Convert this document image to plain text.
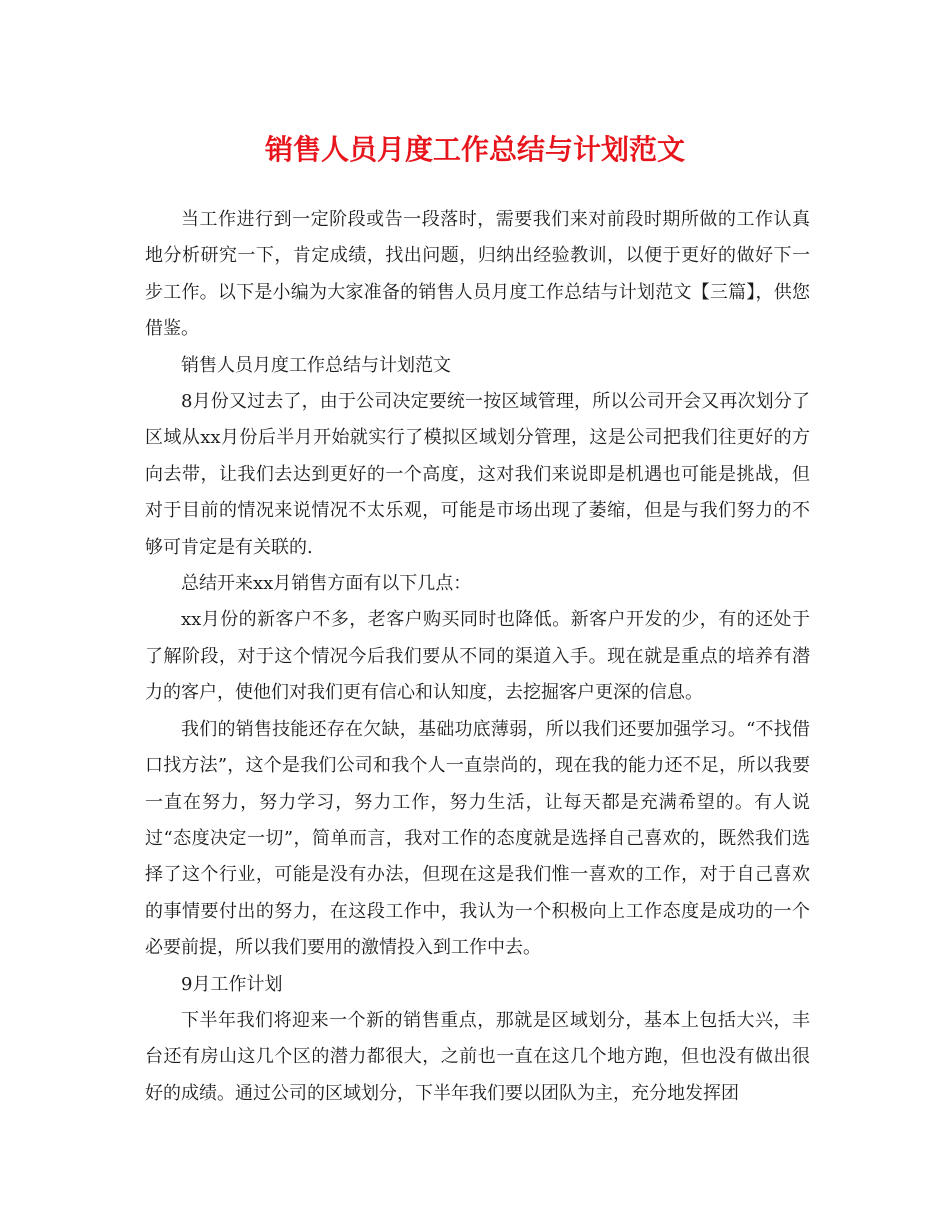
销售人员月度工作总结与计划范文

当工作进行到一定阶段或告一段落时，需要我们来对前段时期所做的工作认真地分析研究一下，肯定成绩，找出问题，归纳出经验教训，以便于更好的做好下一步工作。以下是小编为大家准备的销售人员月度工作总结与计划范文【三篇】，供您借鉴。

销售人员月度工作总结与计划范文

8月份又过去了，由于公司决定要统一按区域管理，所以公司开会又再次划分了区域从xx月份后半月开始就实行了模拟区域划分管理，这是公司把我们往更好的方向去带，让我们去达到更好的一个高度，这对我们来说即是机遇也可能是挑战，但对于目前的情况来说情况不太乐观，可能是市场出现了萎缩，但是与我们努力的不够可肯定是有关联的.

总结开来xx月销售方面有以下几点：

xx月份的新客户不多，老客户购买同时也降低。新客户开发的少，有的还处于了解阶段，对于这个情况今后我们要从不同的渠道入手。现在就是重点的培养有潜力的客户，使他们对我们更有信心和认知度，去挖掘客户更深的信息。

我们的销售技能还存在欠缺，基础功底薄弱，所以我们还要加强学习。“不找借口找方法”，这个是我们公司和我个人一直崇尚的，现在我的能力还不足，所以我要一直在努力，努力学习，努力工作，努力生活，让每天都是充满希望的。有人说过“态度决定一切”，简单而言，我对工作的态度就是选择自己喜欢的，既然我们选择了这个行业，可能是没有办法，但现在这是我们惟一喜欢的工作，对于自己喜欢的事情要付出的努力，在这段工作中，我认为一个积极向上工作态度是成功的一个必要前提，所以我们要用的激情投入到工作中去。

9月工作计划

下半年我们将迎来一个新的销售重点，那就是区域划分，基本上包括大兴，丰台还有房山这几个区的潜力都很大，之前也一直在这几个地方跑，但也没有做出很好的成绩。通过公司的区域划分，下半年我们要以团队为主，充分地发挥团
